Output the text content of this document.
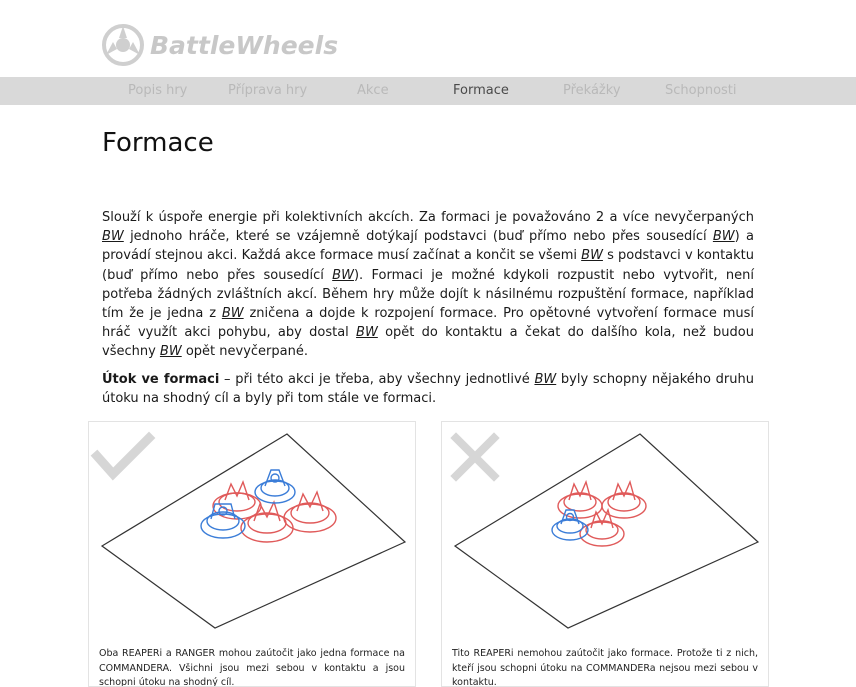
BattleWheels
Popis hry	Příprava hry	Akce	Formace	Překážky	Schopnosti
Formace

Slouží k úspoře energie při kolektivních akcích. Za formaci je považováno 2 a více nevyčerpaných BW jednoho hráče, které se vzájemně dotýkají podstavci (buď přímo nebo přes sousedící BW) a provádí stejnou akci. Každá akce formace musí začínat a končit se všemi BW s podstavci v kontaktu (buď přímo nebo přes sousedící BW). Formaci je možné kdykoli rozpustit nebo vytvořit, není potřeba žádných zvláštních akcí. Během hry může dojít k násilnému rozpuštění formace, například tím že je jedna z BW zničena a dojde k rozpojení formace. Pro opětovné vytvoření formace musí hráč využít akci pohybu, aby dostal BW opět do kontaktu a čekat do dalšího kola, než budou všechny BW opět nevyčerpané.

Útok ve formaci – při této akci je třeba, aby všechny jednotlivé BW byly schopny nějakého druhu útoku na shodný cíl a byly při tom stále ve formaci.

Oba REAPERi a RANGER mohou zaútočit jako jedna formace na COMMANDERA. Všichni jsou mezi sebou v kontaktu a jsou schopni útoku na shodný cíl.

Tito REAPERi nemohou zaútočit jako formace. Protože ti z nich, kteří jsou schopni útoku na COMMANDERa nejsou mezi sebou v kontaktu.
